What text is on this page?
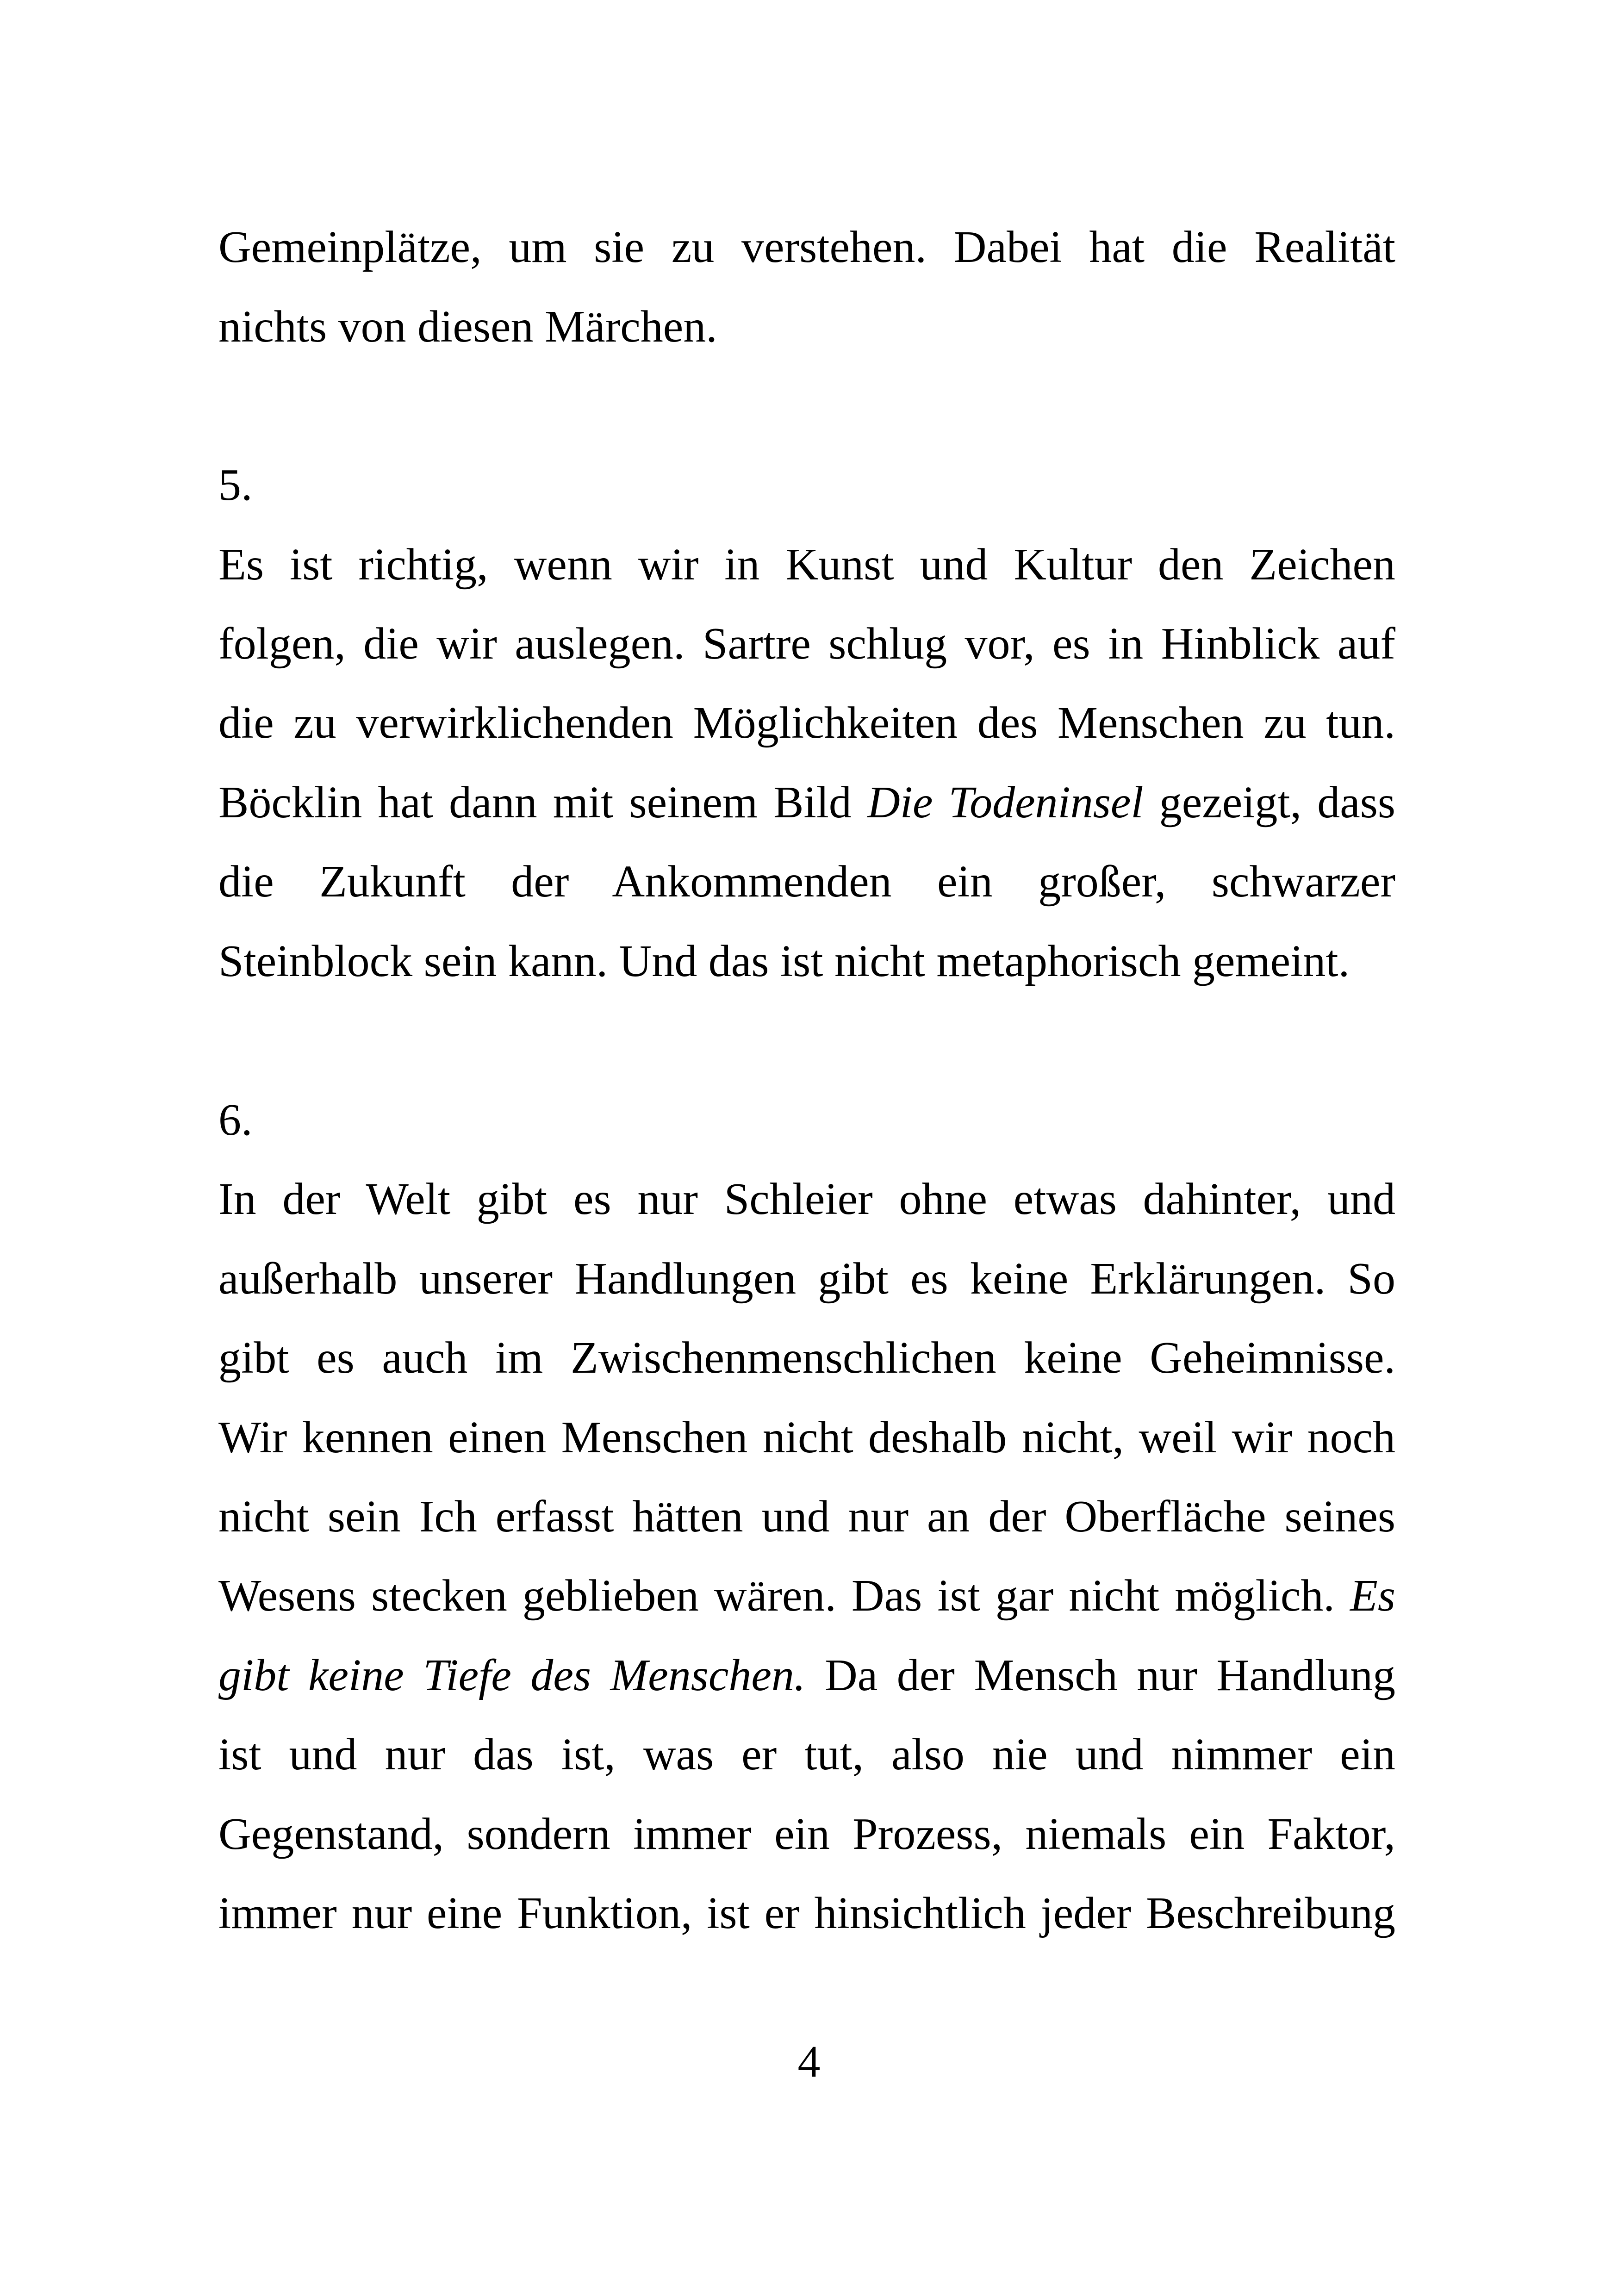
Gemeinplätze, um sie zu verstehen. Dabei hat die Realität
nichts von diesen Märchen.
5.
Es ist richtig, wenn wir in Kunst und Kultur den Zeichen
folgen, die wir auslegen. Sartre schlug vor, es in Hinblick auf
die zu verwirklichenden Möglichkeiten des Menschen zu tun.
Böcklin hat dann mit seinem Bild Die Todeninsel gezeigt, dass
die Zukunft der Ankommenden ein großer, schwarzer
Steinblock sein kann. Und das ist nicht metaphorisch gemeint.
6.
In der Welt gibt es nur Schleier ohne etwas dahinter, und
außerhalb unserer Handlungen gibt es keine Erklärungen. So
gibt es auch im Zwischenmenschlichen keine Geheimnisse.
Wir kennen einen Menschen nicht deshalb nicht, weil wir noch
nicht sein Ich erfasst hätten und nur an der Oberfläche seines
Wesens stecken geblieben wären. Das ist gar nicht möglich. Es
gibt keine Tiefe des Menschen. Da der Mensch nur Handlung
ist und nur das ist, was er tut, also nie und nimmer ein
Gegenstand, sondern immer ein Prozess, niemals ein Faktor,
immer nur eine Funktion, ist er hinsichtlich jeder Beschreibung
4
